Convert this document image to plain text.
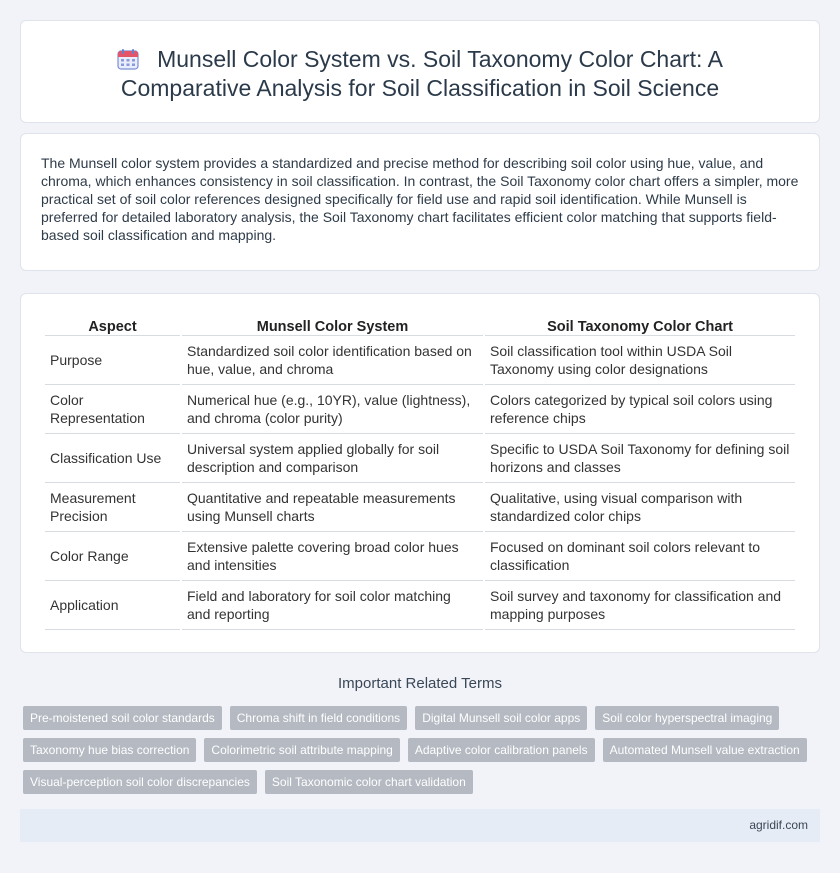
Munsell Color System vs. Soil Taxonomy Color Chart: A Comparative Analysis for Soil Classification in Soil Science

The Munsell color system provides a standardized and precise method for describing soil color using hue, value, and chroma, which enhances consistency in soil classification. In contrast, the Soil Taxonomy color chart offers a simpler, more practical set of soil color references designed specifically for field use and rapid soil identification. While Munsell is preferred for detailed laboratory analysis, the Soil Taxonomy chart facilitates efficient color matching that supports field-based soil classification and mapping.

Aspect	Munsell Color System	Soil Taxonomy Color Chart
Purpose	Standardized soil color identification based on hue, value, and chroma	Soil classification tool within USDA Soil Taxonomy using color designations
Color Representation	Numerical hue (e.g., 10YR), value (lightness), and chroma (color purity)	Colors categorized by typical soil colors using reference chips
Classification Use	Universal system applied globally for soil description and comparison	Specific to USDA Soil Taxonomy for defining soil horizons and classes
Measurement Precision	Quantitative and repeatable measurements using Munsell charts	Qualitative, using visual comparison with standardized color chips
Color Range	Extensive palette covering broad color hues and intensities	Focused on dominant soil colors relevant to classification
Application	Field and laboratory for soil color matching and reporting	Soil survey and taxonomy for classification and mapping purposes
Important Related Terms
Pre-moistened soil color standards	Chroma shift in field conditions	Digital Munsell soil color apps	Soil color hyperspectral imaging
Taxonomy hue bias correction	Colorimetric soil attribute mapping	Adaptive color calibration panels	Automated Munsell value extraction
Visual-perception soil color discrepancies	Soil Taxonomic color chart validation
agridif.com
